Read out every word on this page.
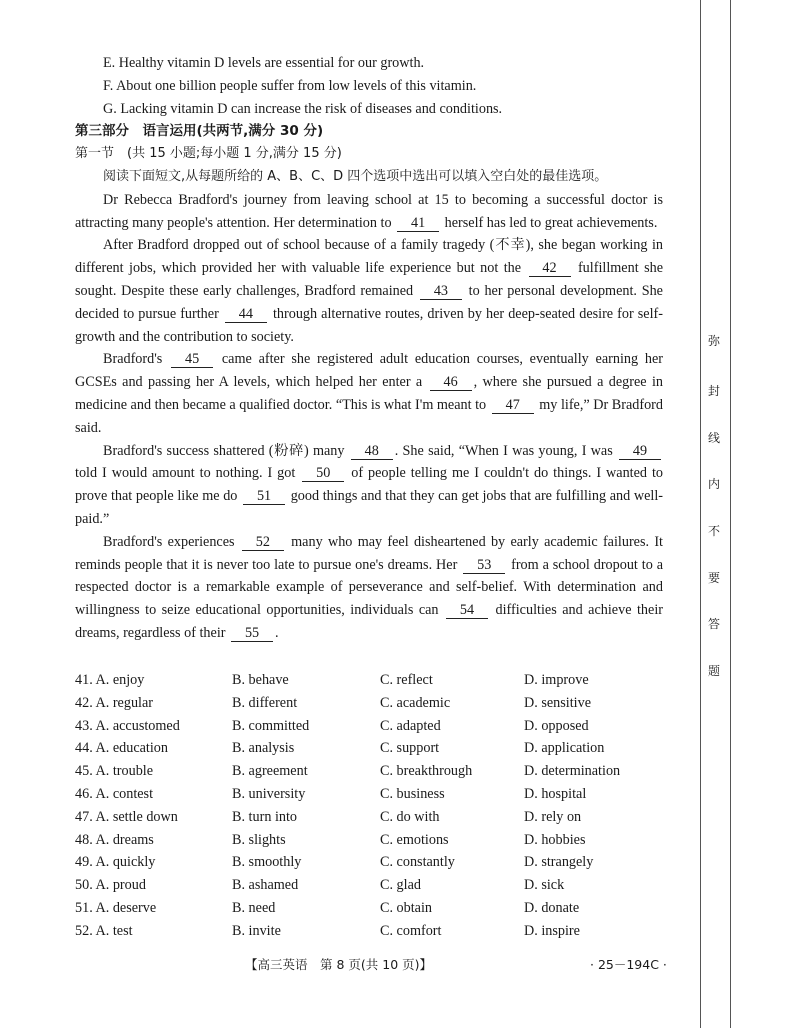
E. Healthy vitamin D levels are essential for our growth.
F. About one billion people suffer from low levels of this vitamin.
G. Lacking vitamin D can increase the risk of diseases and conditions.
第三部分　语言运用(共两节,满分 30 分)
第一节　(共 15 小题;每小题 1 分,满分 15 分)
阅读下面短文,从每题所给的 A、B、C、D 四个选项中选出可以填入空白处的最佳选项。
Dr Rebecca Bradford's journey from leaving school at 15 to becoming a successful doctor is attracting many people's attention. Her determination to 41 herself has led to great achievements.
After Bradford dropped out of school because of a family tragedy (不幸), she began working in different jobs, which provided her with valuable life experience but not the 42 fulfillment she sought. Despite these early challenges, Bradford remained 43 to her personal development. She decided to pursue further 44 through alternative routes, driven by her deep-seated desire for self-growth and the contribution to society.
Bradford's 45 came after she registered adult education courses, eventually earning her GCSEs and passing her A levels, which helped her enter a 46 , where she pursued a degree in medicine and then became a qualified doctor. “This is what I'm meant to 47 my life,” Dr Bradford said.
Bradford's success shattered (粉碎) many 48 . She said, “When I was young, I was 49 told I would amount to nothing. I got 50 of people telling me I couldn't do things. I wanted to prove that people like me do 51 good things and that they can get jobs that are fulfilling and well-paid.”
Bradford's experiences 52 many who may feel disheartened by early academic failures. It reminds people that it is never too late to pursue one's dreams. Her 53 from a school dropout to a respected doctor is a remarkable example of perseverance and self-belief. With determination and willingness to seize educational opportunities, individuals can 54 difficulties and achieve their dreams, regardless of their 55 .
41. A. enjoy	B. behave	C. reflect	D. improve
42. A. regular	B. different	C. academic	D. sensitive
43. A. accustomed	B. committed	C. adapted	D. opposed
44. A. education	B. analysis	C. support	D. application
45. A. trouble	B. agreement	C. breakthrough	D. determination
46. A. contest	B. university	C. business	D. hospital
47. A. settle down	B. turn into	C. do with	D. rely on
48. A. dreams	B. slights	C. emotions	D. hobbies
49. A. quickly	B. smoothly	C. constantly	D. strangely
50. A. proud	B. ashamed	C. glad	D. sick
51. A. deserve	B. need	C. obtain	D. donate
52. A. test	B. invite	C. comfort	D. inspire
【高三英语　第 8 页(共 10 页)】	· 25－194C ·
弥
封
线
内
不
要
答
题
